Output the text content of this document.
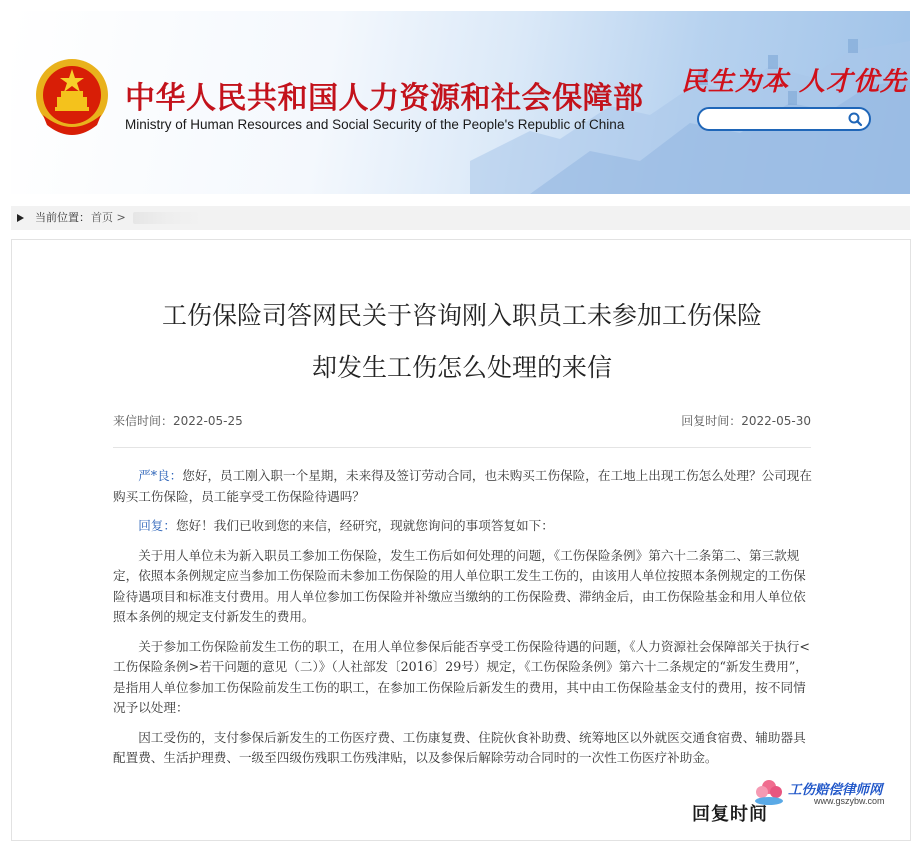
中华人民共和国人力资源和社会保障部
Ministry of Human Resources and Social Security of the People's Republic of China
民生为本 人才优先
当前位置： 首页 >
工伤保险司答网民关于咨询刚入职员工未参加工伤保险
却发生工伤怎么处理的来信
来信时间：2022-05-25	回复时间：2022-05-30

严*良：您好，员工刚入职一个星期，未来得及签订劳动合同，也未购买工伤保险，在工地上出现工伤怎么处理？公司现在购买工伤保险，员工能享受工伤保险待遇吗？

回复：您好！我们已收到您的来信，经研究，现就您询问的事项答复如下：

关于用人单位未为新入职员工参加工伤保险，发生工伤后如何处理的问题，《工伤保险条例》第六十二条第二、第三款规定，依照本条例规定应当参加工伤保险而未参加工伤保险的用人单位职工发生工伤的，由该用人单位按照本条例规定的工伤保险待遇项目和标准支付费用。用人单位参加工伤保险并补缴应当缴纳的工伤保险费、滞纳金后，由工伤保险基金和用人单位依照本条例的规定支付新发生的费用。

关于参加工伤保险前发生工伤的职工，在用人单位参保后能否享受工伤保险待遇的问题，《人力资源社会保障部关于执行<工伤保险条例>若干问题的意见（二）》（人社部发〔2016〕29号）规定，《工伤保险条例》第六十二条规定的“新发生费用”，是指用人单位参加工伤保险前发生工伤的职工，在参加工伤保险后新发生的费用，其中由工伤保险基金支付的费用，按不同情况予以处理：

因工受伤的，支付参保后新发生的工伤医疗费、工伤康复费、住院伙食补助费、统筹地区以外就医交通食宿费、辅助器具配置费、生活护理费、一级至四级伤残职工伤残津贴，以及参保后解除劳动合同时的一次性工伤医疗补助金。

回复时间
工伤赔偿律师网
www.gszybw.com
